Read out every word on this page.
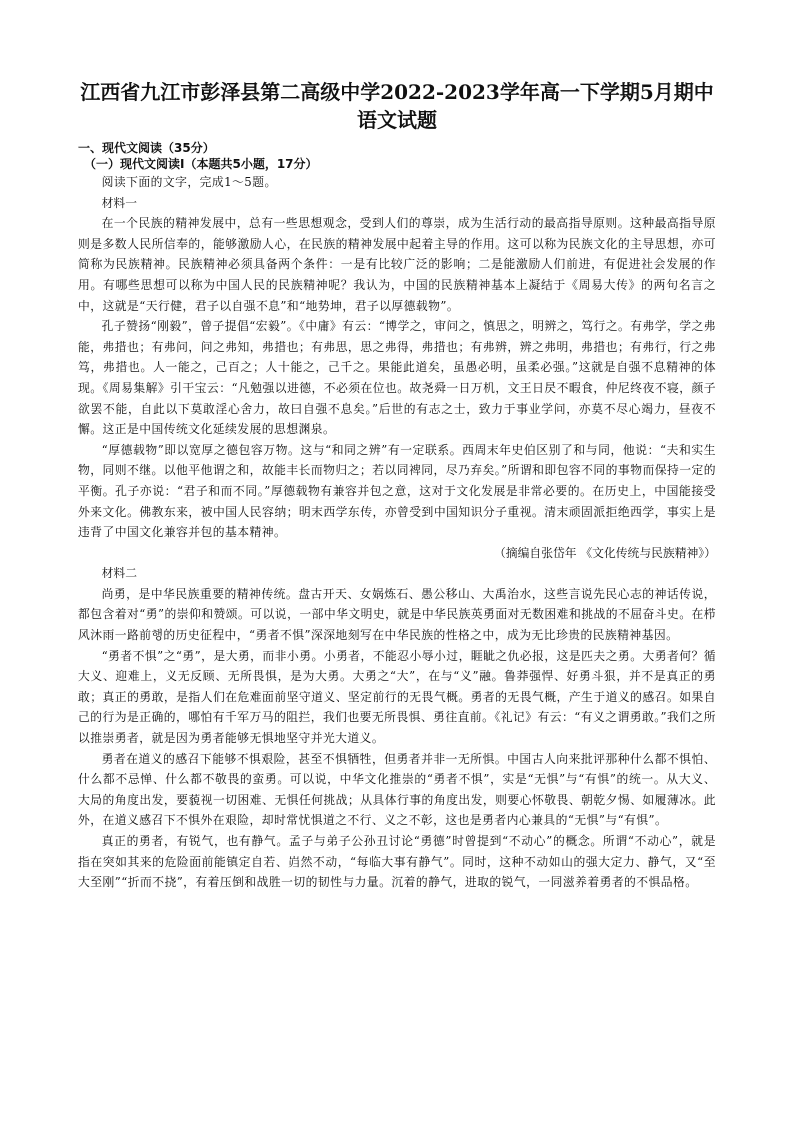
江西省九江市彭泽县第二高级中学2022-2023学年高一下学期5月期中
语文试题

一、现代文阅读（35分）

（一）现代文阅读Ⅰ（本题共5小题，17分）

阅读下面的文字，完成1～5题。

材料一

在一个民族的精神发展中，总有一些思想观念，受到人们的尊崇，成为生活行动的最高指导原则。这种最高指导原则是多数人民所信奉的，能够激励人心，在民族的精神发展中起着主导的作用。这可以称为民族文化的主导思想，亦可简称为民族精神。民族精神必须具备两个条件：一是有比较广泛的影响；二是能激励人们前进，有促进社会发展的作用。有哪些思想可以称为中国人民的民族精神呢？我认为，中国的民族精神基本上凝结于《周易大传》的两句名言之中，这就是“天行健，君子以自强不息”和“地势坤，君子以厚德载物”。

孔子赞扬“刚毅”，曾子提倡“宏毅”。《中庸》有云：“博学之，审问之，慎思之，明辨之，笃行之。有弗学，学之弗能，弗措也；有弗问，问之弗知，弗措也；有弗思，思之弗得，弗措也；有弗辨，辨之弗明，弗措也；有弗行，行之弗笃，弗措也。人一能之，己百之；人十能之，己千之。果能此道矣，虽愚必明，虽柔必强。”这就是自强不息精神的体现。《周易集解》引干宝云：“凡勉强以进德，不必须在位也。故尧舜一日万机，文王日昃不暇食，仲尼终夜不寝，颜子欲罢不能，自此以下莫敢淫心舍力，故曰自强不息矣。”后世的有志之士，致力于事业学问，亦莫不尽心竭力，昼夜不懈。这正是中国传统文化延续发展的思想渊泉。

“厚德载物”即以宽厚之德包容万物。这与“和同之辨”有一定联系。西周末年史伯区别了和与同，他说：“夫和实生物，同则不继。以他平他谓之和，故能丰长而物归之；若以同裨同，尽乃弃矣。”所谓和即包容不同的事物而保持一定的平衡。孔子亦说：“君子和而不同。”厚德载物有兼容并包之意，这对于文化发展是非常必要的。在历史上，中国能接受外来文化。佛教东来，被中国人民容纳；明末西学东传，亦曾受到中国知识分子重视。清末顽固派拒绝西学，事实上是违背了中国文化兼容并包的基本精神。

（摘编自张岱年 《文化传统与民族精神》）

材料二

尚勇，是中华民族重要的精神传统。盘古开天、女娲炼石、愚公移山、大禹治水，这些言说先民心志的神话传说，都包含着对“勇”的崇仰和赞颂。可以说，一部中华文明史，就是中华民族英勇面对无数困难和挑战的不屈奋斗史。在栉风沐雨一路前행的历史征程中，“勇者不惧”深深地刻写在中华民族的性格之中，成为无比珍贵的民族精神基因。

“勇者不惧”之“勇”，是大勇，而非小勇。小勇者，不能忍小辱小过，睚眦之仇必报，这是匹夫之勇。大勇者何？循大义、迎难上，义无反顾、无所畏惧，是为大勇。大勇之“大”，在与“义”融。鲁莽强悍、好勇斗狠，并不是真正的勇敢；真正的勇敢，是指人们在危难面前坚守道义、坚定前行的无畏气概。勇者的无畏气概，产生于道义的感召。如果自己的行为是正确的，哪怕有千军万马的阻拦，我们也要无所畏惧、勇往直前。《礼记》有云：“有义之谓勇敢。”我们之所以推崇勇者，就是因为勇者能够无惧地坚守并光大道义。

勇者在道义的感召下能够不惧艰险，甚至不惧牺牲，但勇者并非一无所惧。中国古人向来批评那种什么都不惧怕、什么都不忌惮、什么都不敬畏的蛮勇。可以说，中华文化推崇的“勇者不惧”，实是“无惧”与“有惧”的统一。从大义、大局的角度出发，要藐视一切困难、无惧任何挑战；从具体行事的角度出发，则要心怀敬畏、朝乾夕惕、如履薄冰。此外，在道义感召下不惧外在艰险，却时常忧惧道之不行、义之不彰，这也是勇者内心兼具的“无惧”与“有惧”。

真正的勇者，有锐气，也有静气。孟子与弟子公孙丑讨论“勇德”时曾提到“不动心”的概念。所谓“不动心”，就是指在突如其来的危险面前能镇定自若、岿然不动，“每临大事有静气”。同时，这种不动如山的强大定力、静气，又“至大至刚”“折而不挠”，有着压倒和战胜一切的韧性与力量。沉着的静气，进取的锐气，一同滋养着勇者的不惧品格。
